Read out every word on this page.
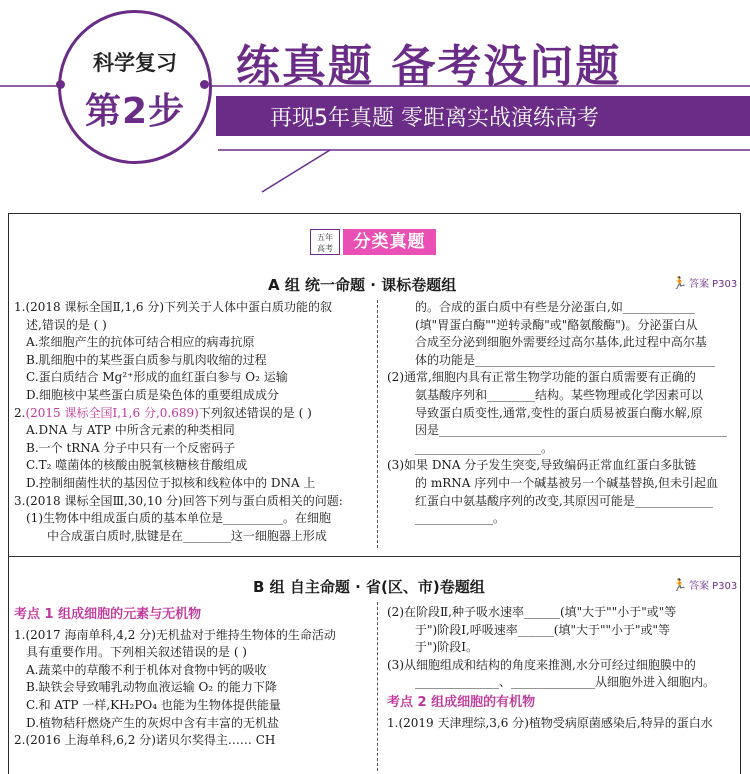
科学复习
第2步
练真题 备考没问题
再现5年真题 零距离实战演练高考
五年
高考	分类真题
A 组 统一命题 · 课标卷题组	🏃 答案 P303

1.(2018 课标全国Ⅱ,1,6 分)下列关于人体中蛋白质功能的叙

述,错误的是 ( )

A.浆细胞产生的抗体可结合相应的病毒抗原

B.肌细胞中的某些蛋白质参与肌肉收缩的过程

C.蛋白质结合 Mg²⁺形成的血红蛋白参与 O₂ 运输

D.细胞核中某些蛋白质是染色体的重要组成成分

2.(2015 课标全国Ⅰ,1,6 分,0.689)下列叙述错误的是 ( )

A.DNA 与 ATP 中所含元素的种类相同

B.一个 tRNA 分子中只有一个反密码子

C.T₂ 噬菌体的核酸由脱氧核糖核苷酸组成

D.控制细菌性状的基因位于拟核和线粒体中的 DNA 上

3.(2018 课标全国Ⅲ,30,10 分)回答下列与蛋白质相关的问题:

(1)生物体中组成蛋白质的基本单位是__________。在细胞

中合成蛋白质时,肽键是在________这一细胞器上形成

的。合成的蛋白质中有些是分泌蛋白,如____________

(填"胃蛋白酶""逆转录酶"或"酪氨酸酶")。分泌蛋白从

合成至分泌到细胞外需要经过高尔基体,此过程中高尔基

体的功能是________________________________________

(2)通常,细胞内具有正常生物学功能的蛋白质需要有正确的

氨基酸序列和________结构。某些物理或化学因素可以

导致蛋白质变性,通常,变性的蛋白质易被蛋白酶水解,原

因是________________________________________________

_____________________。

(3)如果 DNA 分子发生突变,导致编码正常血红蛋白多肽链

的 mRNA 序列中一个碱基被另一个碱基替换,但未引起血

红蛋白中氨基酸序列的改变,其原因可能是_____________

_____________。

B 组 自主命题 · 省(区、市)卷题组	🏃 答案 P303

考点 1 组成细胞的元素与无机物

1.(2017 海南单科,4,2 分)无机盐对于维持生物体的生命活动

具有重要作用。下列相关叙述错误的是 ( )

A.蔬菜中的草酸不利于机体对食物中钙的吸收

B.缺铁会导致哺乳动物血液运输 O₂ 的能力下降

C.和 ATP 一样,KH₂PO₄ 也能为生物体提供能量

D.植物秸秆燃烧产生的灰烬中含有丰富的无机盐

2.(2016 上海单科,6,2 分)诺贝尔奖得主…… CH

(2)在阶段Ⅱ,种子吸水速率______(填"大于""小于"或"等

于")阶段Ⅰ,呼吸速率______(填"大于""小于"或"等

于")阶段Ⅰ。

(3)从细胞组成和结构的角度来推测,水分可经过细胞膜中的

______________、______________从细胞外进入细胞内。

考点 2 组成细胞的有机物

1.(2019 天津理综,3,6 分)植物受病原菌感染后,特异的蛋白水
